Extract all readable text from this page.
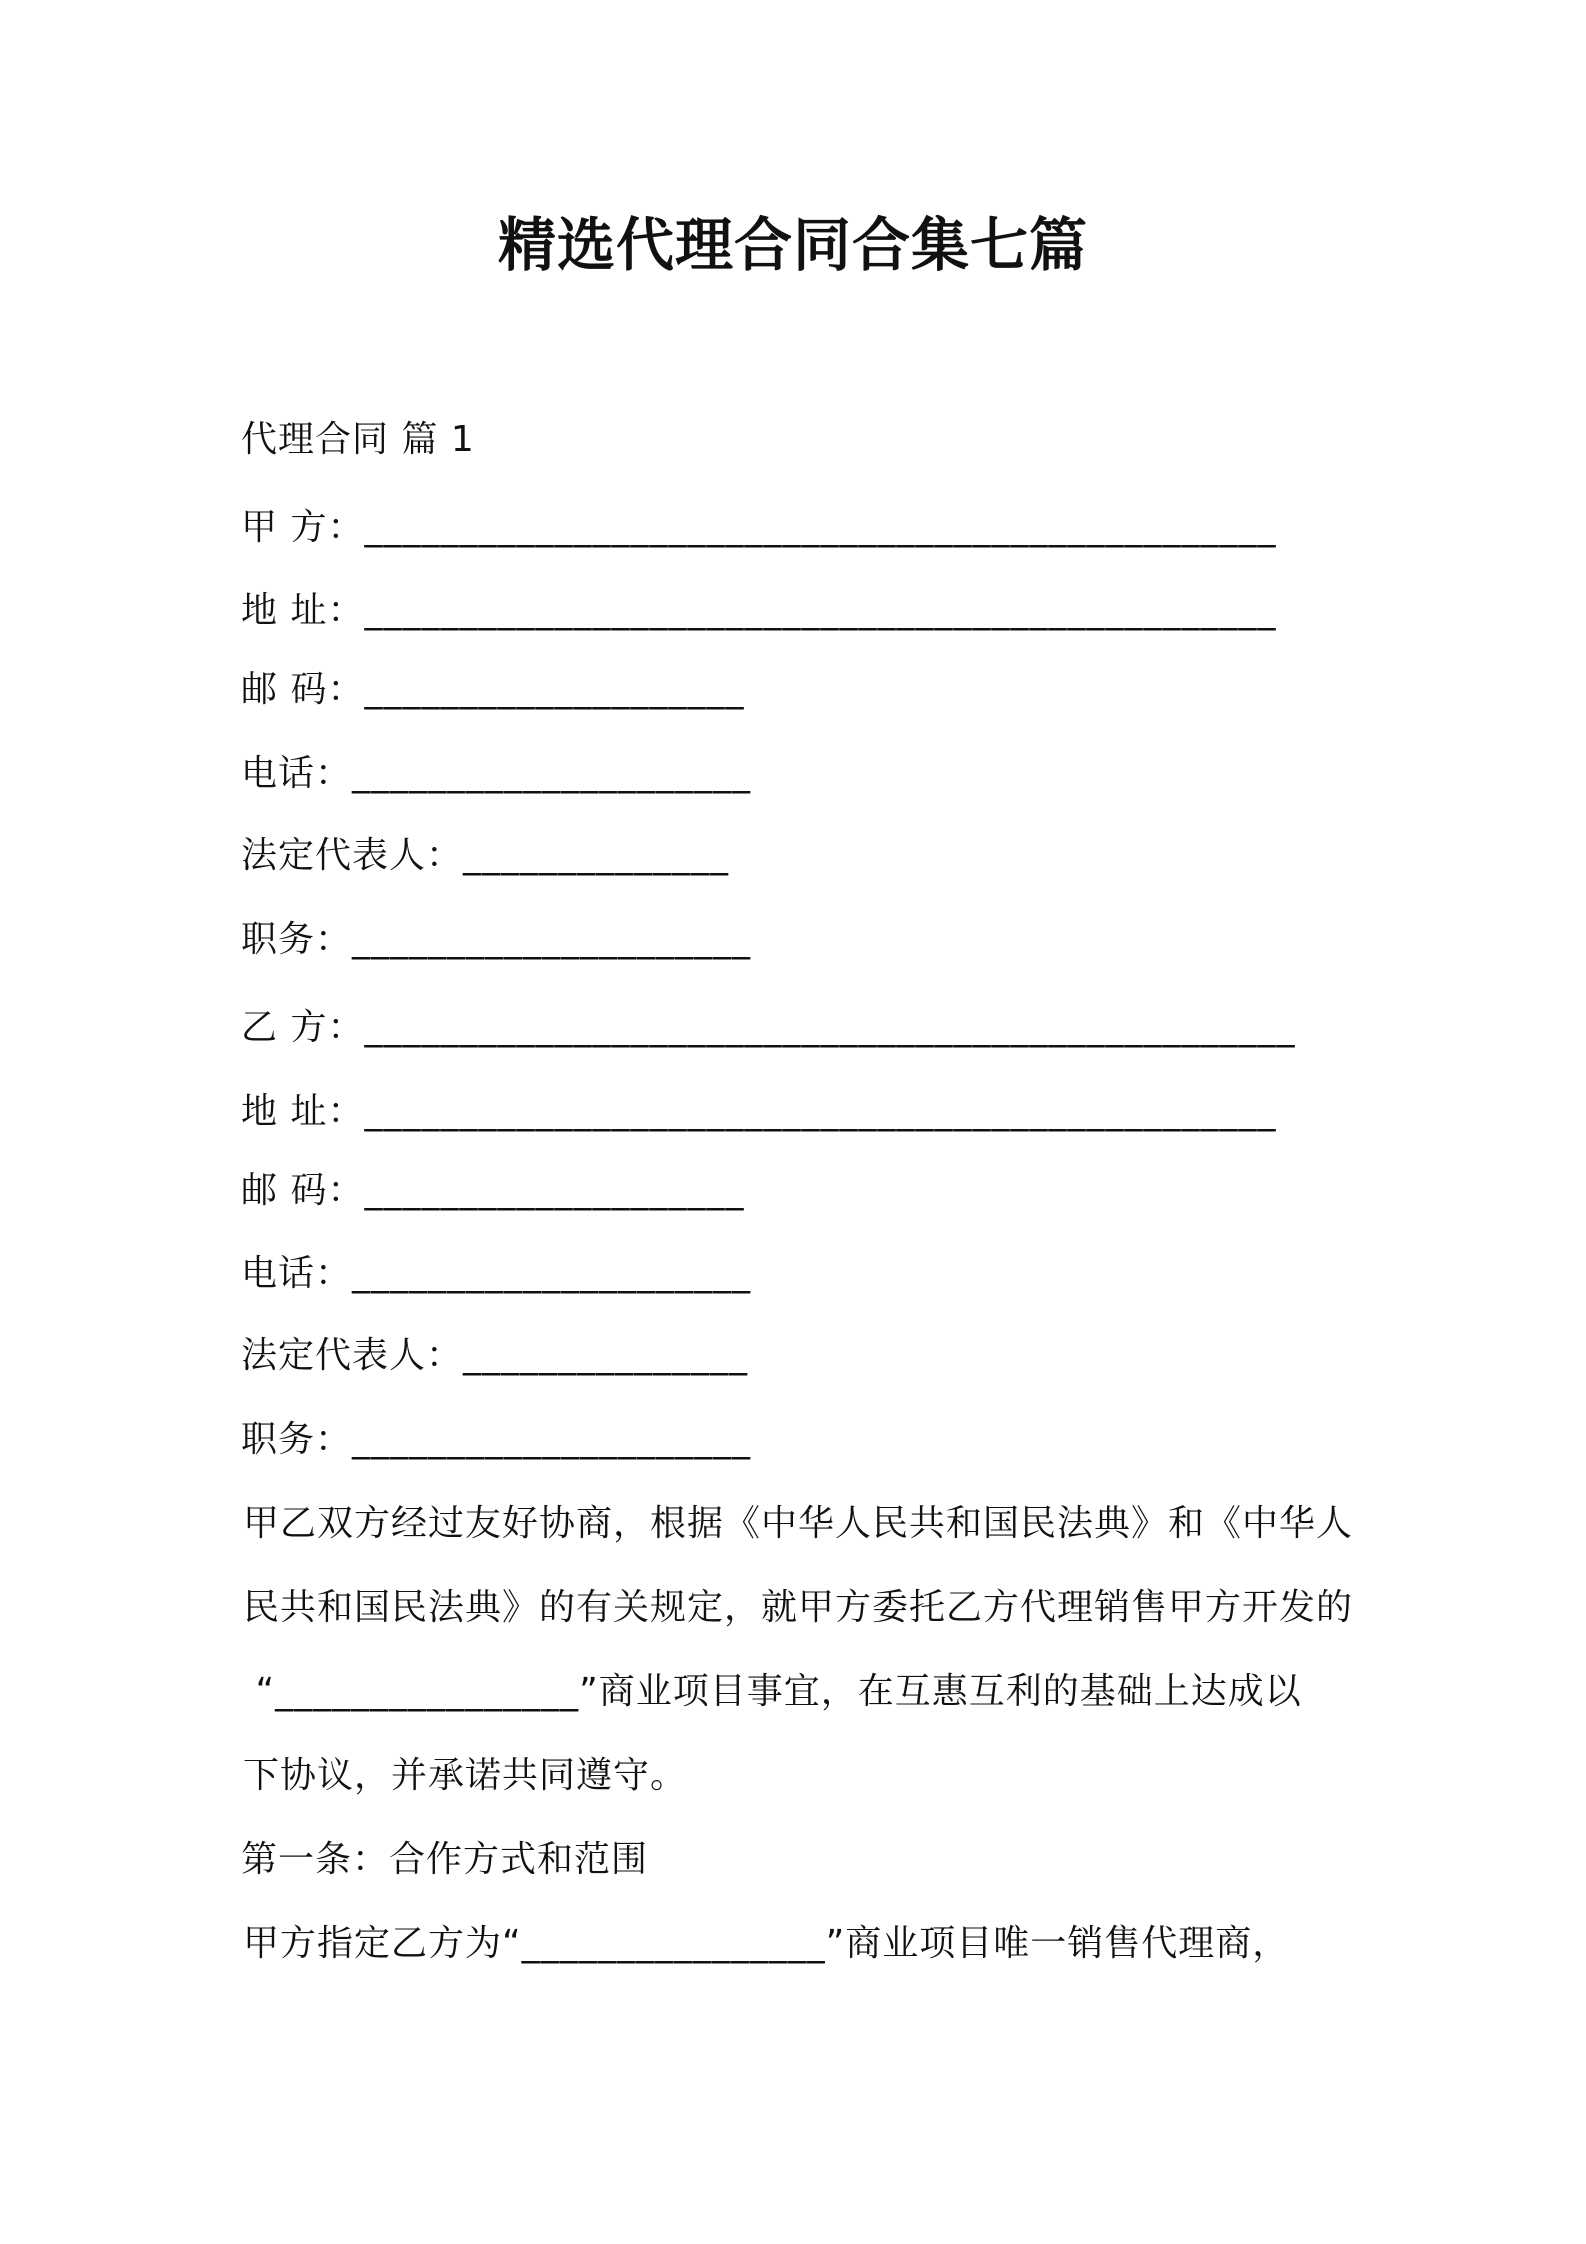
精选代理合同合集七篇
代理合同 篇 1
甲 方：________________________________________________
地 址：________________________________________________
邮 码：____________________
电话：_____________________
法定代表人：______________
职务：_____________________
乙 方：_________________________________________________
地 址：________________________________________________
邮 码：____________________
电话：_____________________
法定代表人：_______________
职务：_____________________
甲乙双方经过友好协商，根据《中华人民共和国民法典》和《中华人
民共和国民法典》的有关规定，就甲方委托乙方代理销售甲方开发的
“________________”商业项目事宜，在互惠互利的基础上达成以
下协议，并承诺共同遵守。
第一条：合作方式和范围
甲方指定乙方为“________________”商业项目唯一销售代理商，
